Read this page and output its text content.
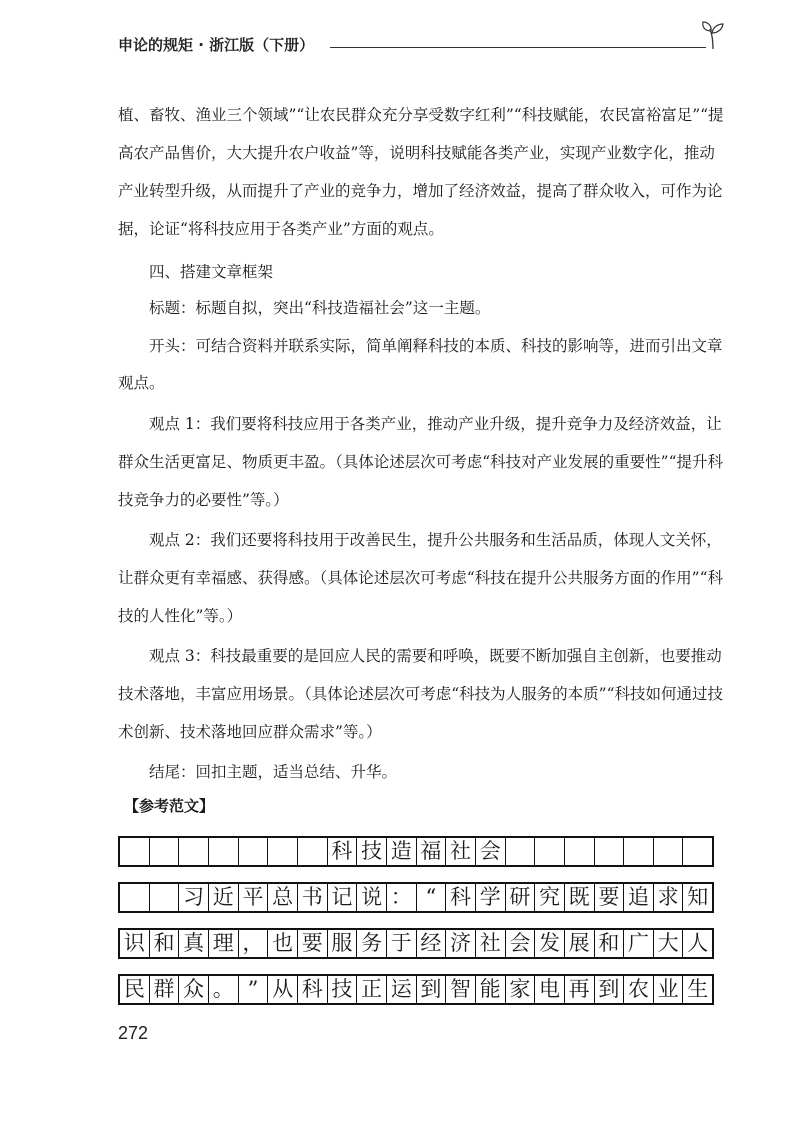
申论的规矩 · 浙江版（下册）
植、畜牧、渔业三个领域”“让农民群众充分享受数字红利”“科技赋能，农民富裕富足”“提高农产品售价，大大提升农户收益”等，说明科技赋能各类产业，实现产业数字化，推动产业转型升级，从而提升了产业的竞争力，增加了经济效益，提高了群众收入，可作为论据，论证“将科技应用于各类产业”方面的观点。
四、搭建文章框架
标题：标题自拟，突出“科技造福社会”这一主题。
开头：可结合资料并联系实际，简单阐释科技的本质、科技的影响等，进而引出文章观点。
观点 1：我们要将科技应用于各类产业，推动产业升级，提升竞争力及经济效益，让群众生活更富足、物质更丰盈。（具体论述层次可考虑“科技对产业发展的重要性”“提升科技竞争力的必要性”等。）
观点 2：我们还要将科技用于改善民生，提升公共服务和生活品质，体现人文关怀，让群众更有幸福感、获得感。（具体论述层次可考虑“科技在提升公共服务方面的作用”“科技的人性化”等。）
观点 3：科技最重要的是回应人民的需要和呼唤，既要不断加强自主创新，也要推动技术落地，丰富应用场景。（具体论述层次可考虑“科技为人服务的本质”“科技如何通过技术创新、技术落地回应群众需求”等。）
结尾：回扣主题，适当总结、升华。
【参考范文】
科 技 造 福 社 会
习 近 平 总 书 记 说 ： “ 科 学 研 究 既 要 追 求 知
识 和 真 理 ， 也 要 服 务 于 经 济 社 会 发 展 和 广 大 人
民 群 众 。 ” 从 科 技 正 运 到 智 能 家 电 再 到 农 业 生
272
